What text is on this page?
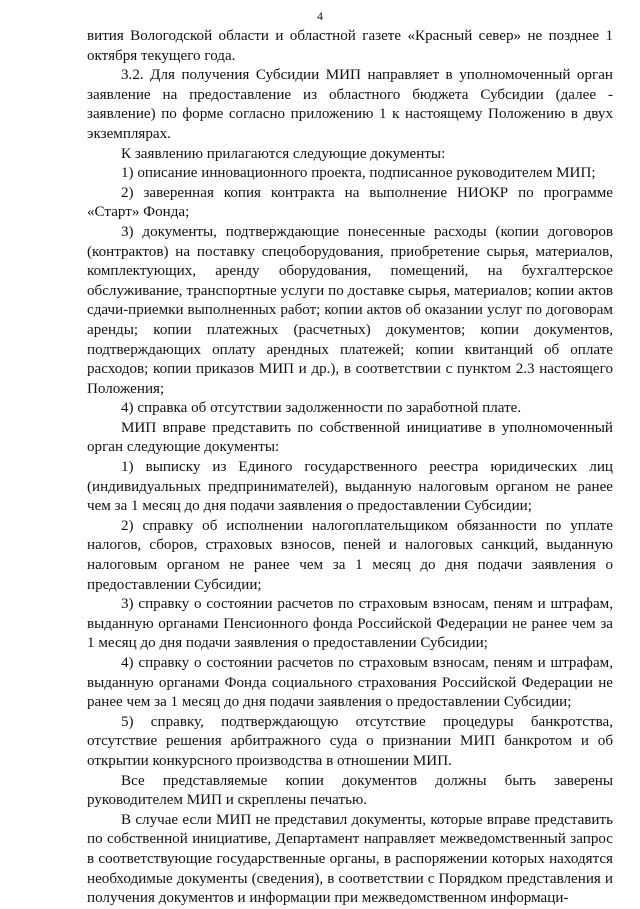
4

вития Вологодской области и областной газете «Красный север» не позднее 1 октября текущего года.

3.2. Для получения Субсидии МИП направляет в уполномоченный орган заявление на предоставление из областного бюджета Субсидии (далее - заявление) по форме согласно приложению 1 к настоящему Положению в двух экземплярах.

К заявлению прилагаются следующие документы:

1) описание инновационного проекта, подписанное руководителем МИП;

2) заверенная копия контракта на выполнение НИОКР по программе «Старт» Фонда;

3) документы, подтверждающие понесенные расходы (копии договоров (контрактов) на поставку спецоборудования, приобретение сырья, материалов, комплектующих, аренду оборудования, помещений, на бухгалтерское обслуживание, транспортные услуги по доставке сырья, материалов; копии актов сдачи-приемки выполненных работ; копии актов об оказании услуг по договорам аренды; копии платежных (расчетных) документов; копии документов, подтверждающих оплату арендных платежей; копии квитанций об оплате расходов; копии приказов МИП и др.), в соответствии с пунктом 2.3 настоящего Положения;

4) справка об отсутствии задолженности по заработной плате.

МИП вправе представить по собственной инициативе в уполномоченный орган следующие документы:

1) выписку из Единого государственного реестра юридических лиц (индивидуальных предпринимателей), выданную налоговым органом не ранее чем за 1 месяц до дня подачи заявления о предоставлении Субсидии;

2) справку об исполнении налогоплательщиком обязанности по уплате налогов, сборов, страховых взносов, пеней и налоговых санкций, выданную налоговым органом не ранее чем за 1 месяц до дня подачи заявления о предоставлении Субсидии;

3) справку о состоянии расчетов по страховым взносам, пеням и штрафам, выданную органами Пенсионного фонда Российской Федерации не ранее чем за 1 месяц до дня подачи заявления о предоставлении Субсидии;

4) справку о состоянии расчетов по страховым взносам, пеням и штрафам, выданную органами Фонда социального страхования Российской Федерации не ранее чем за 1 месяц до дня подачи заявления о предоставлении Субсидии;

5) справку, подтверждающую отсутствие процедуры банкротства, отсутствие решения арбитражного суда о признании МИП банкротом и об открытии конкурсного производства в отношении МИП.

Все представляемые копии документов должны быть заверены руководителем МИП и скреплены печатью.

В случае если МИП не представил документы, которые вправе представить по собственной инициативе, Департамент направляет межведомственный запрос в соответствующие государственные органы, в распоряжении которых находятся необходимые документы (сведения), в соответствии с Порядком представления и получения документов и информации при межведомственном информаци-
